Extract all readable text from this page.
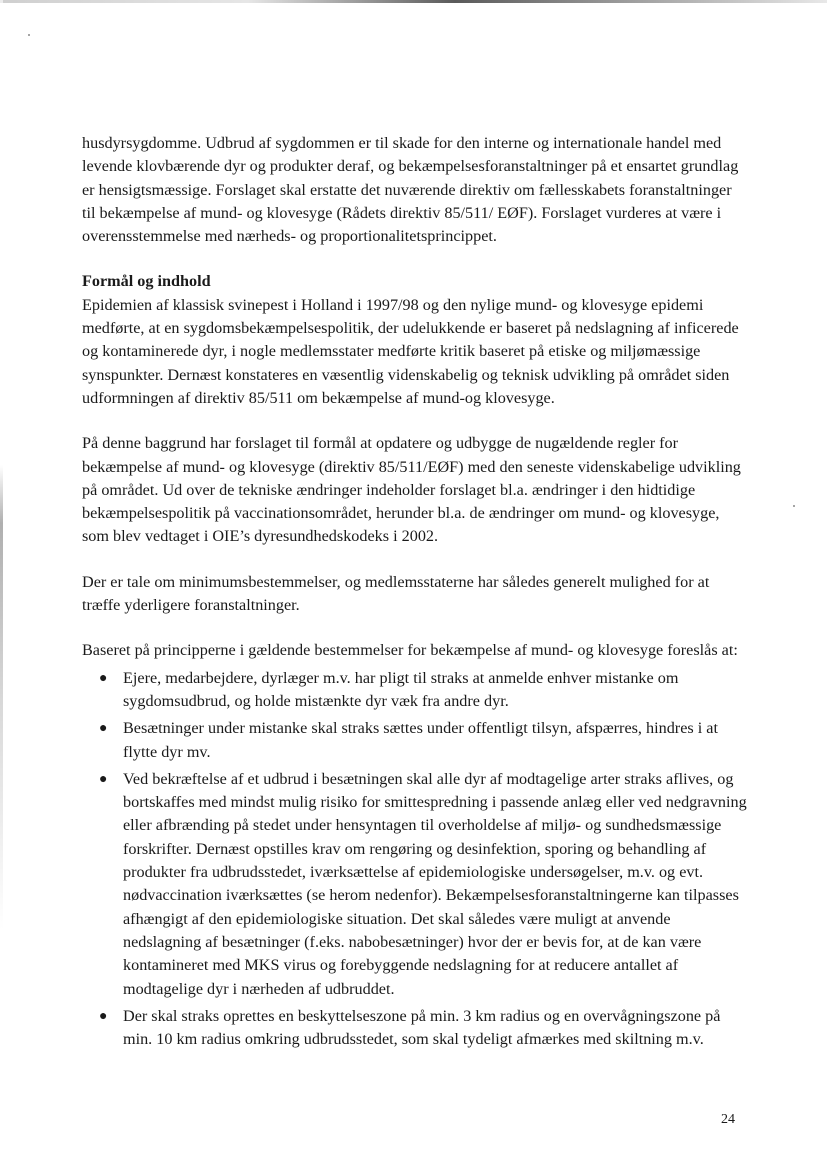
husdyrsygdomme. Udbrud af sygdommen er til skade for den interne og internationale handel med levende klovbærende dyr og produkter deraf, og bekæmpelsesforanstaltninger på et ensartet grundlag er hensigtsmæssige. Forslaget skal erstatte det nuværende direktiv om fællesskabets foranstaltninger til bekæmpelse af mund- og klovesyge (Rådets direktiv 85/511/ EØF). Forslaget vurderes at være i overensstemmelse med nærheds- og proportionalitetsprincippet.

Formål og indhold

Epidemien af klassisk svinepest i Holland i 1997/98 og den nylige mund- og klovesyge epidemi medførte, at en sygdomsbekæmpelsespolitik, der udelukkende er baseret på nedslagning af inficerede og kontaminerede dyr, i nogle medlemsstater medførte kritik baseret på etiske og miljømæssige synspunkter. Dernæst konstateres en væsentlig videnskabelig og teknisk udvikling på området siden udformningen af direktiv 85/511 om bekæmpelse af mund-og klovesyge.

På denne baggrund har forslaget til formål at opdatere og udbygge de nugældende regler for bekæmpelse af mund- og klovesyge (direktiv 85/511/EØF) med den seneste videnskabelige udvikling på området. Ud over de tekniske ændringer indeholder forslaget bl.a. ændringer i den hidtidige bekæmpelsespolitik på vaccinationsområdet, herunder bl.a. de ændringer om mund- og klovesyge, som blev vedtaget i OIE’s dyresundhedskodeks i 2002.

Der er tale om minimumsbestemmelser, og medlemsstaterne har således generelt mulighed for at træffe yderligere foranstaltninger.

Baseret på principperne i gældende bestemmelser for bekæmpelse af mund- og klovesyge foreslås at:

● Ejere, medarbejdere, dyrlæger m.v. har pligt til straks at anmelde enhver mistanke om sygdomsudbrud, og holde mistænkte dyr væk fra andre dyr.
● Besætninger under mistanke skal straks sættes under offentligt tilsyn, afspærres, hindres i at flytte dyr mv.
● Ved bekræftelse af et udbrud i besætningen skal alle dyr af modtagelige arter straks aflives, og bortskaffes med mindst mulig risiko for smittespredning i passende anlæg eller ved nedgravning eller afbrænding på stedet under hensyntagen til overholdelse af miljø- og sundhedsmæssige forskrifter. Dernæst opstilles krav om rengøring og desinfektion, sporing og behandling af produkter fra udbrudsstedet, iværksættelse af epidemiologiske undersøgelser, m.v. og evt. nødvaccination iværksættes (se herom nedenfor). Bekæmpelsesforanstaltningerne kan tilpasses afhængigt af den epidemiologiske situation. Det skal således være muligt at anvende nedslagning af besætninger (f.eks. nabobesætninger) hvor der er bevis for, at de kan være kontamineret med MKS virus og forebyggende nedslagning for at reducere antallet af modtagelige dyr i nærheden af udbruddet.
● Der skal straks oprettes en beskyttelseszone på min. 3 km radius og en overvågningszone på min. 10 km radius omkring udbrudsstedet, som skal tydeligt afmærkes med skiltning m.v.
24
